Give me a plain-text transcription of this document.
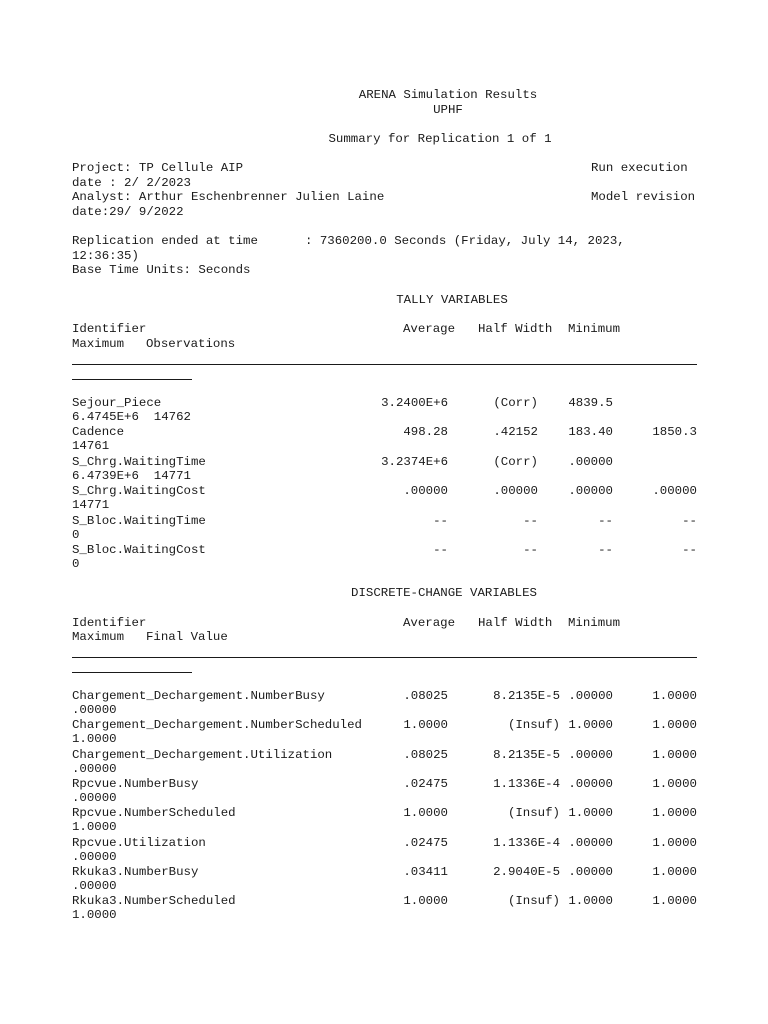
ARENA Simulation Results
UPHF
Summary for Replication 1 of 1
Project: TP Cellule AIP	Run execution
date : 2/ 2/2023
Analyst: Arthur Eschenbrenner Julien Laine	Model revision
date:29/ 9/2022
Replication ended at time	: 7360200.0 Seconds (Friday, July 14, 2023,
12:36:35)
Base Time Units: Seconds
TALLY VARIABLES
Identifier	Average Half Width Minimum
Maximum Observations
Sejour_Piece	3.2400E+6	(Corr)	4839.5
6.4745E+6  14762
Cadence	498.28	.42152	183.40	1850.3
14761
S_Chrg.WaitingTime	3.2374E+6	(Corr)	.00000
6.4739E+6  14771
S_Chrg.WaitingCost	.00000	.00000	.00000	.00000
14771
S_Bloc.WaitingTime	--	--	--	--
0
S_Bloc.WaitingCost	--	--	--	--
0
DISCRETE-CHANGE VARIABLES
Identifier	Average Half Width Minimum
Maximum Final Value
Chargement_Dechargement.NumberBusy	.08025	8.2135E-5 .00000	1.0000
.00000
Chargement_Dechargement.NumberScheduled	1.0000	(Insuf) 1.0000	1.0000
1.0000
Chargement_Dechargement.Utilization	.08025	8.2135E-5 .00000	1.0000
.00000
Rpcvue.NumberBusy	.02475	1.1336E-4 .00000	1.0000
.00000
Rpcvue.NumberScheduled	1.0000	(Insuf) 1.0000	1.0000
1.0000
Rpcvue.Utilization	.02475	1.1336E-4 .00000	1.0000
.00000
Rkuka3.NumberBusy	.03411	2.9040E-5 .00000	1.0000
.00000
Rkuka3.NumberScheduled	1.0000	(Insuf) 1.0000	1.0000
1.0000
